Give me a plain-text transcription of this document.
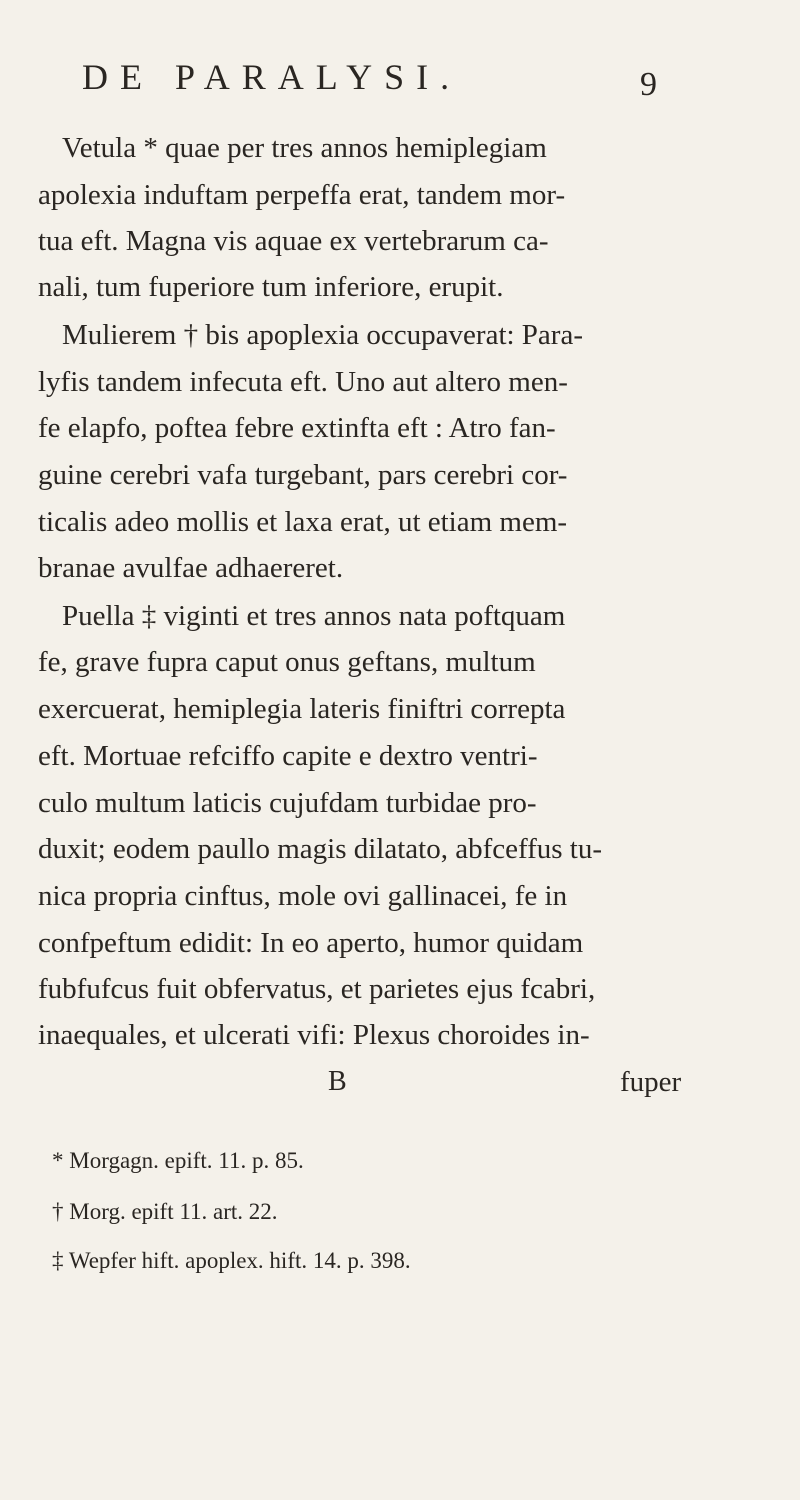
DE PARALYSI.	9
Vetula * quae per tres annos hemiplegiam
apolexia induftam perpeffa erat, tandem mor-
tua eft. Magna vis aquae ex vertebrarum ca-
nali, tum fuperiore tum inferiore, erupit.
Mulierem † bis apoplexia occupaverat: Para-
lyfis tandem infecuta eft. Uno aut altero men-
fe elapfo, poftea febre extinfta eft : Atro fan-
guine cerebri vafa turgebant, pars cerebri cor-
ticalis adeo mollis et laxa erat, ut etiam mem-
branae avulfae adhaereret.
Puella ‡ viginti et tres annos nata poftquam
fe, grave fupra caput onus geftans, multum
exercuerat, hemiplegia lateris finiftri correpta
eft. Mortuae refciffo capite e dextro ventri-
culo multum laticis cujufdam turbidae pro-
duxit; eodem paullo magis dilatato, abfceffus tu-
nica propria cinftus, mole ovi gallinacei, fe in
confpeftum edidit: In eo aperto, humor quidam
fubfufcus fuit obfervatus, et parietes ejus fcabri,
inaequales, et ulcerati vifi: Plexus choroides in-
B	fuper
* Morgagn. epift. 11. p. 85.
† Morg. epift 11. art. 22.
‡ Wepfer hift. apoplex. hift. 14. p. 398.
